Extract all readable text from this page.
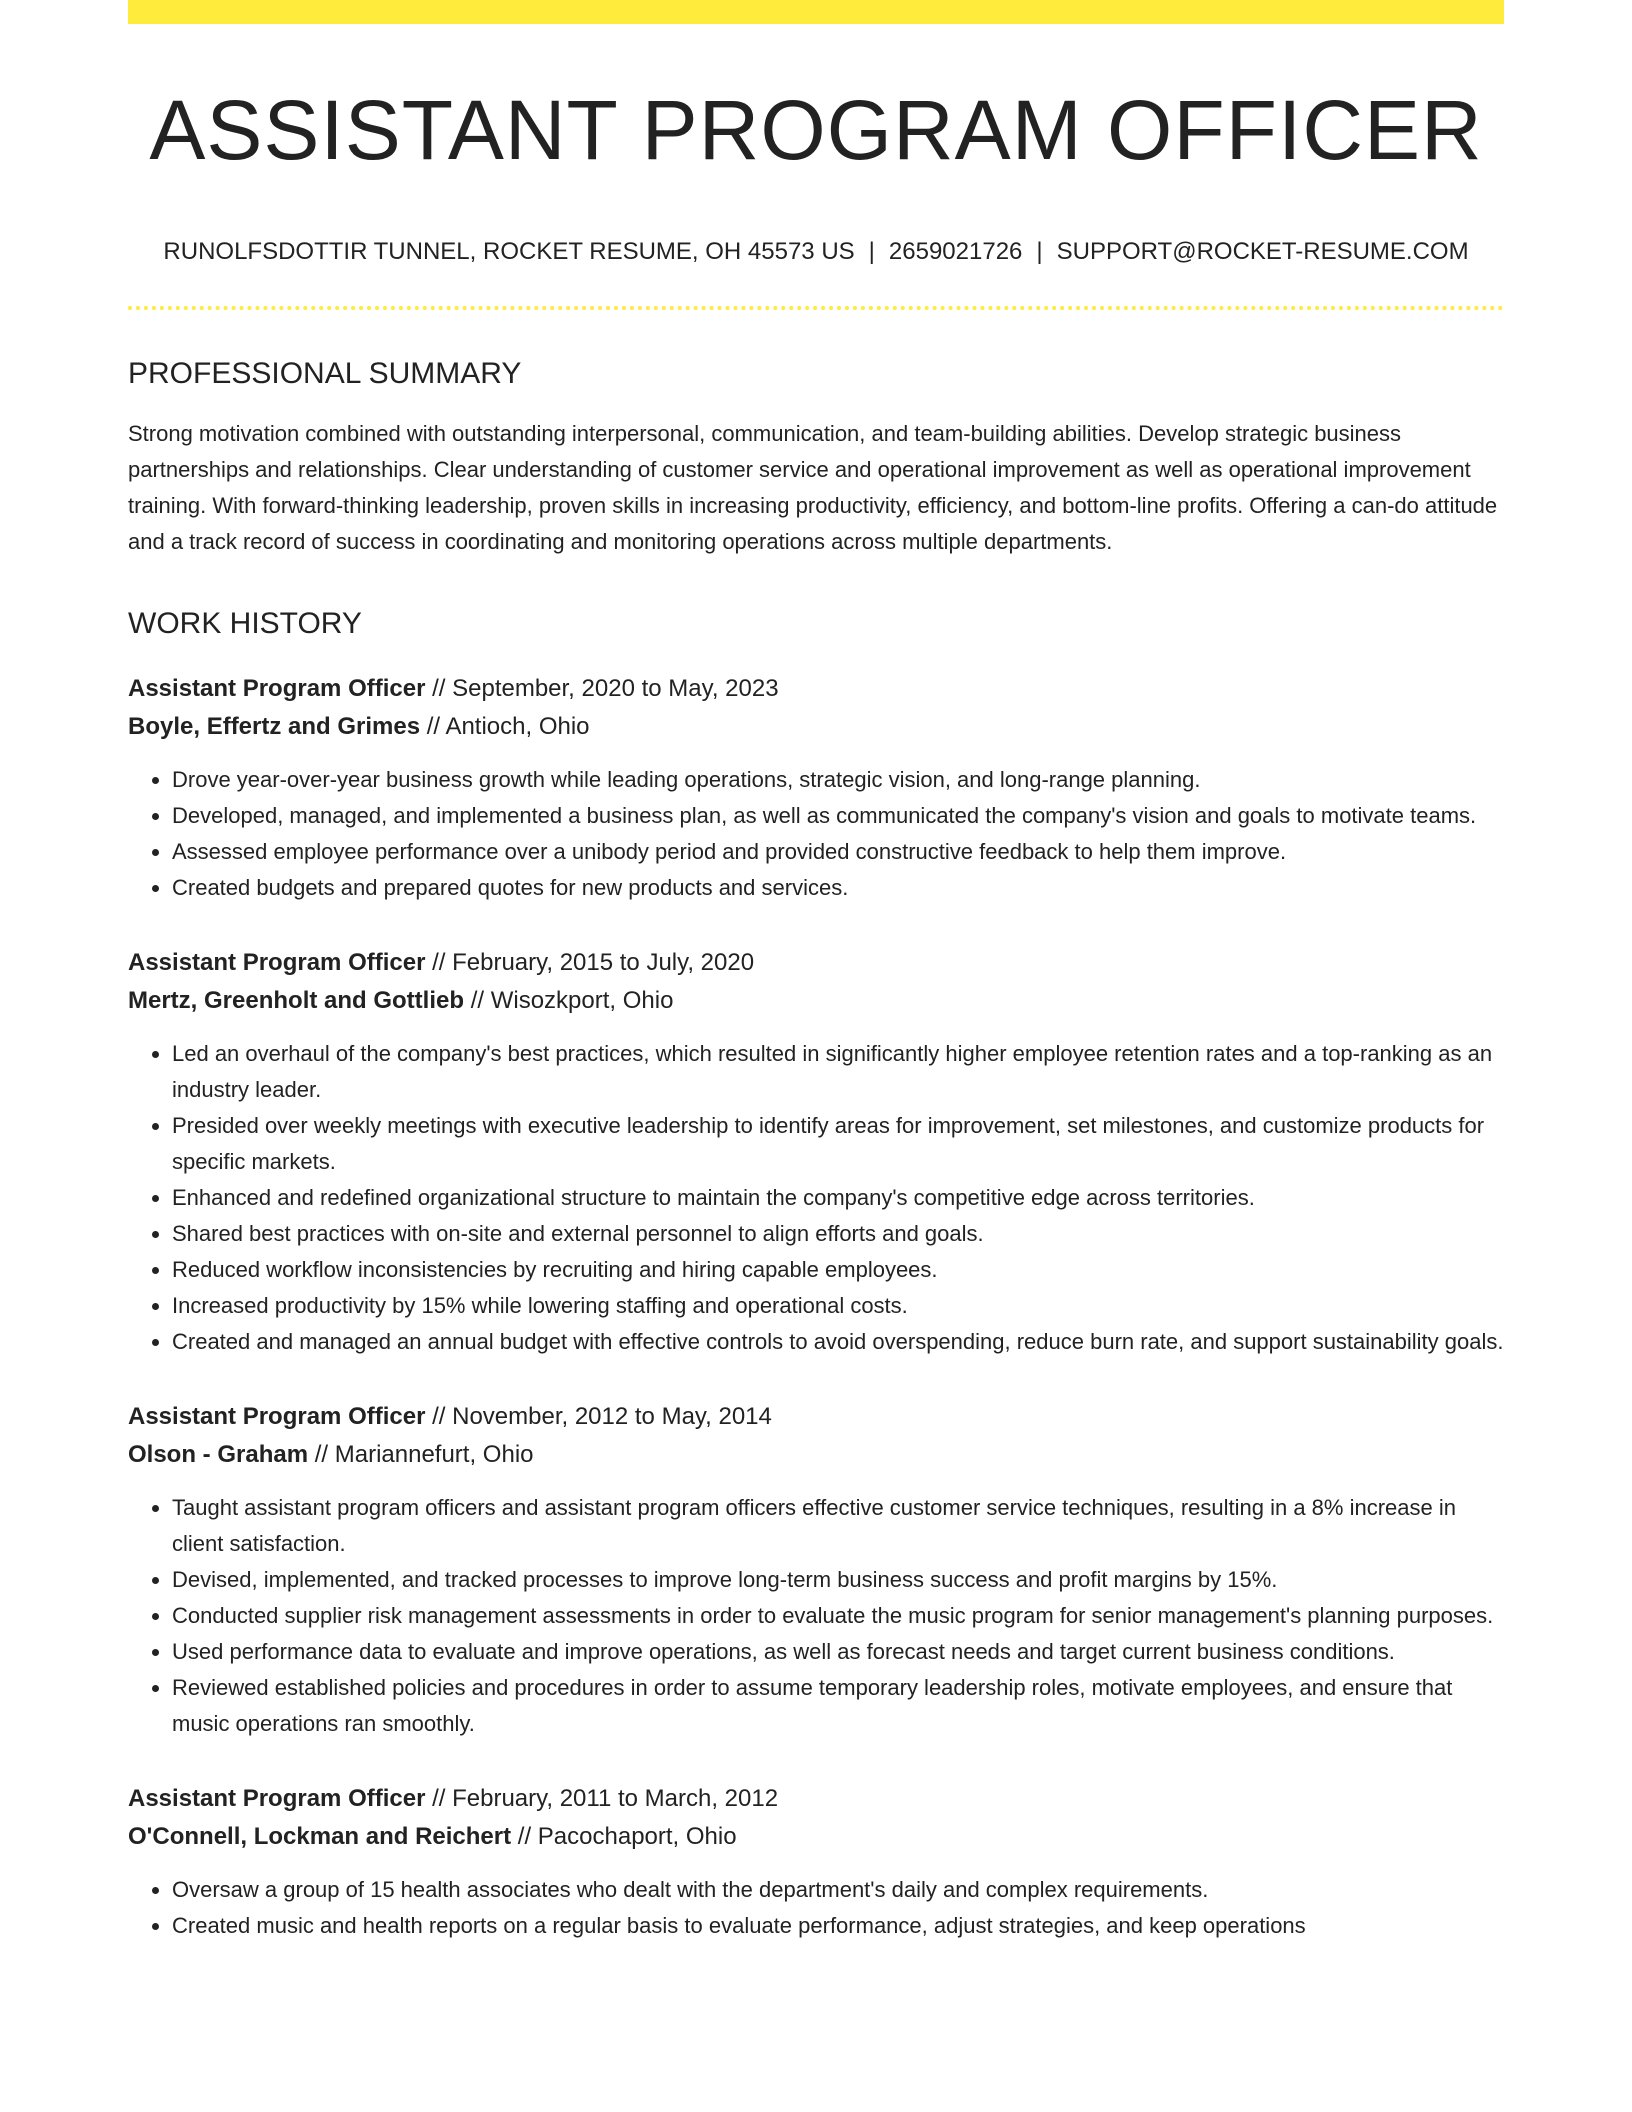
ASSISTANT PROGRAM OFFICER
RUNOLFSDOTTIR TUNNEL, ROCKET RESUME, OH 45573 US | 2659021726 | SUPPORT@ROCKET-RESUME.COM
PROFESSIONAL SUMMARY

Strong motivation combined with outstanding interpersonal, communication, and team-building abilities. Develop strategic business partnerships and relationships. Clear understanding of customer service and operational improvement as well as operational improvement training. With forward-thinking leadership, proven skills in increasing productivity, efficiency, and bottom-line profits. Offering a can-do attitude and a track record of success in coordinating and monitoring operations across multiple departments.

WORK HISTORY
Assistant Program Officer // September, 2020 to May, 2023
Boyle, Effertz and Grimes // Antioch, Ohio
• Drove year-over-year business growth while leading operations, strategic vision, and long-range planning.
• Developed, managed, and implemented a business plan, as well as communicated the company's vision and goals to motivate teams.
• Assessed employee performance over a unibody period and provided constructive feedback to help them improve.
• Created budgets and prepared quotes for new products and services.
Assistant Program Officer // February, 2015 to July, 2020
Mertz, Greenholt and Gottlieb // Wisozkport, Ohio
• Led an overhaul of the company's best practices, which resulted in significantly higher employee retention rates and a top-ranking as an industry leader.
• Presided over weekly meetings with executive leadership to identify areas for improvement, set milestones, and customize products for specific markets.
• Enhanced and redefined organizational structure to maintain the company's competitive edge across territories.
• Shared best practices with on-site and external personnel to align efforts and goals.
• Reduced workflow inconsistencies by recruiting and hiring capable employees.
• Increased productivity by 15% while lowering staffing and operational costs.
• Created and managed an annual budget with effective controls to avoid overspending, reduce burn rate, and support sustainability goals.
Assistant Program Officer // November, 2012 to May, 2014
Olson - Graham // Mariannefurt, Ohio
• Taught assistant program officers and assistant program officers effective customer service techniques, resulting in a 8% increase in client satisfaction.
• Devised, implemented, and tracked processes to improve long-term business success and profit margins by 15%.
• Conducted supplier risk management assessments in order to evaluate the music program for senior management's planning purposes.
• Used performance data to evaluate and improve operations, as well as forecast needs and target current business conditions.
• Reviewed established policies and procedures in order to assume temporary leadership roles, motivate employees, and ensure that music operations ran smoothly.
Assistant Program Officer // February, 2011 to March, 2012
O'Connell, Lockman and Reichert // Pacochaport, Ohio
• Oversaw a group of 15 health associates who dealt with the department's daily and complex requirements.
• Created music and health reports on a regular basis to evaluate performance, adjust strategies, and keep operations
